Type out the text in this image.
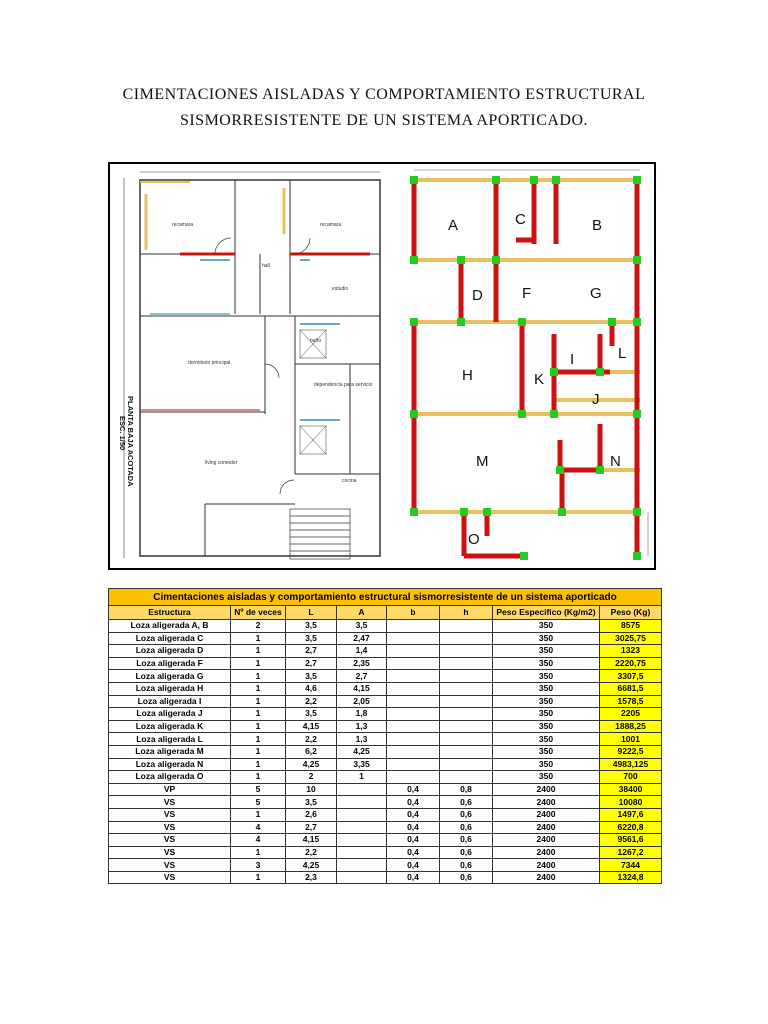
CIMENTACIONES AISLADAS Y COMPORTAMIENTO ESTRUCTURAL
SISMORRESISTENTE DE UN SISTEMA APORTICADO.
recamara	recamara
hall
estudio
dormitorio principal
dependencia para servicio
living comedor
cocina
baño
PLANTA BAJA ACOTADA
ESC. 1/50
A	B
C
D	F	G
H
I
J
K
L
M	N
O
Cimentaciones aisladas y comportamiento estructural sismorresistente de un sistema aporticado							
Estructura	Nº de veces	L	A	b	h	Peso Especifico (Kg/m2)	Peso (Kg)
Loza aligerada A, B	2	3,5	3,5			350	8575
Loza aligerada C	1	3,5	2,47			350	3025,75
Loza aligerada D	1	2,7	1,4			350	1323
Loza aligerada F	1	2,7	2,35			350	2220,75
Loza aligerada G	1	3,5	2,7			350	3307,5
Loza aligerada H	1	4,6	4,15			350	6681,5
Loza aligerada I	1	2,2	2,05			350	1578,5
Loza aligerada J	1	3,5	1,8			350	2205
Loza aligerada K	1	4,15	1,3			350	1888,25
Loza aligerada L	1	2,2	1,3			350	1001
Loza aligerada M	1	6,2	4,25			350	9222,5
Loza aligerada N	1	4,25	3,35			350	4983,125
Loza aligerada O	1	2	1			350	700
VP	5	10		0,4	0,8	2400	38400
VS	5	3,5		0,4	0,6	2400	10080
VS	1	2,6		0,4	0,6	2400	1497,6
VS	4	2,7		0,4	0,6	2400	6220,8
VS	4	4,15		0,4	0,6	2400	9561,6
VS	1	2,2		0,4	0,6	2400	1267,2
VS	3	4,25		0,4	0,6	2400	7344
VS	1	2,3		0,4	0,6	2400	1324,8
